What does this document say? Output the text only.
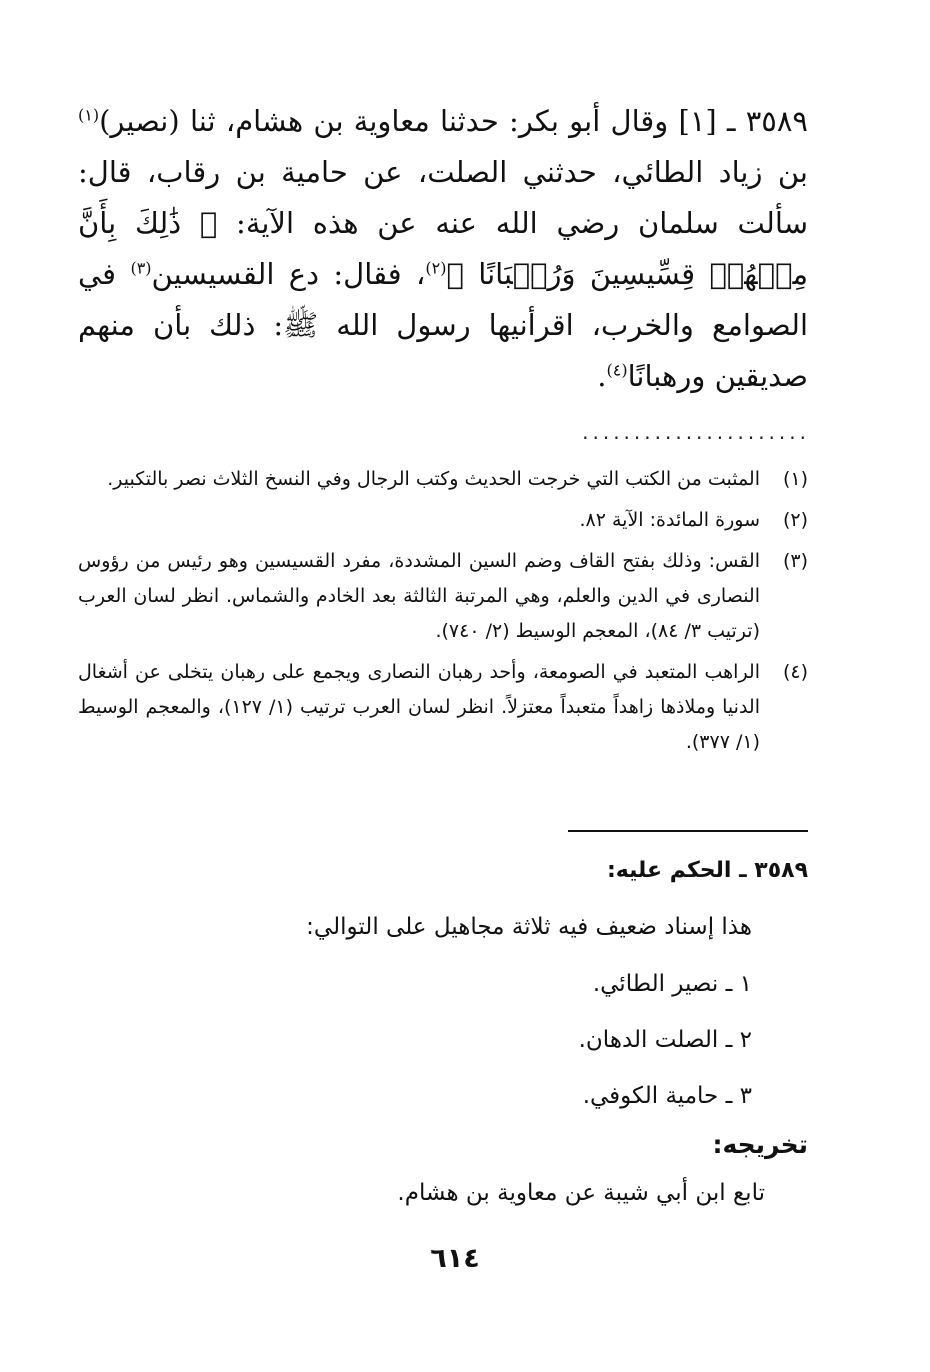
٣٥٨٩ ـ [١] وقال أبو بكر: حدثنا معاوية بن هشام، ثنا (نصير)$^{(١)}$ بن زياد الطائي، حدثني الصلت، عن حامية بن رقاب، قال: سألت سلمان رضي الله عنه عن هذه الآية: ﴿ ذَٰلِكَ بِأَنَّ مِنۡهُمۡ قِسِّيسِينَ وَرُهۡبَانًا ﴾$^{(٢)}$، فقال: دع القسيسين$^{(٣)}$ في الصوامع والخرب، اقرأنيها رسول الله ﷺ: ذلك بأن منهم صديقين ورهبانًا$^{(٤)}$.
......................
(١)
المثبت من الكتب التي خرجت الحديث وكتب الرجال وفي النسخ الثلاث نصر بالتكبير.
(٢)
سورة المائدة: الآية ٨٢.
(٣)
القس: وذلك بفتح القاف وضم السين المشددة، مفرد القسيسين وهو رئيس من رؤوس النصارى في الدين والعلم، وهي المرتبة الثالثة بعد الخادم والشماس. انظر لسان العرب (ترتيب ٣/ ٨٤)، المعجم الوسيط (٢/ ٧٤٠).
(٤)
الراهب المتعبد في الصومعة، وأحد رهبان النصارى ويجمع على رهبان يتخلى عن أشغال الدنيا وملاذها زاهداً متعبداً معتزلاً. انظر لسان العرب ترتيب (١/ ١٢٧)، والمعجم الوسيط (١/ ٣٧٧).
٣٥٨٩ ـ الحكم عليه:
هذا إسناد ضعيف فيه ثلاثة مجاهيل على التوالي:
١ ـ نصير الطائي.
٢ ـ الصلت الدهان.
٣ ـ حامية الكوفي.
تخريجه:
تابع ابن أبي شيبة عن معاوية بن هشام.
٦١٤
